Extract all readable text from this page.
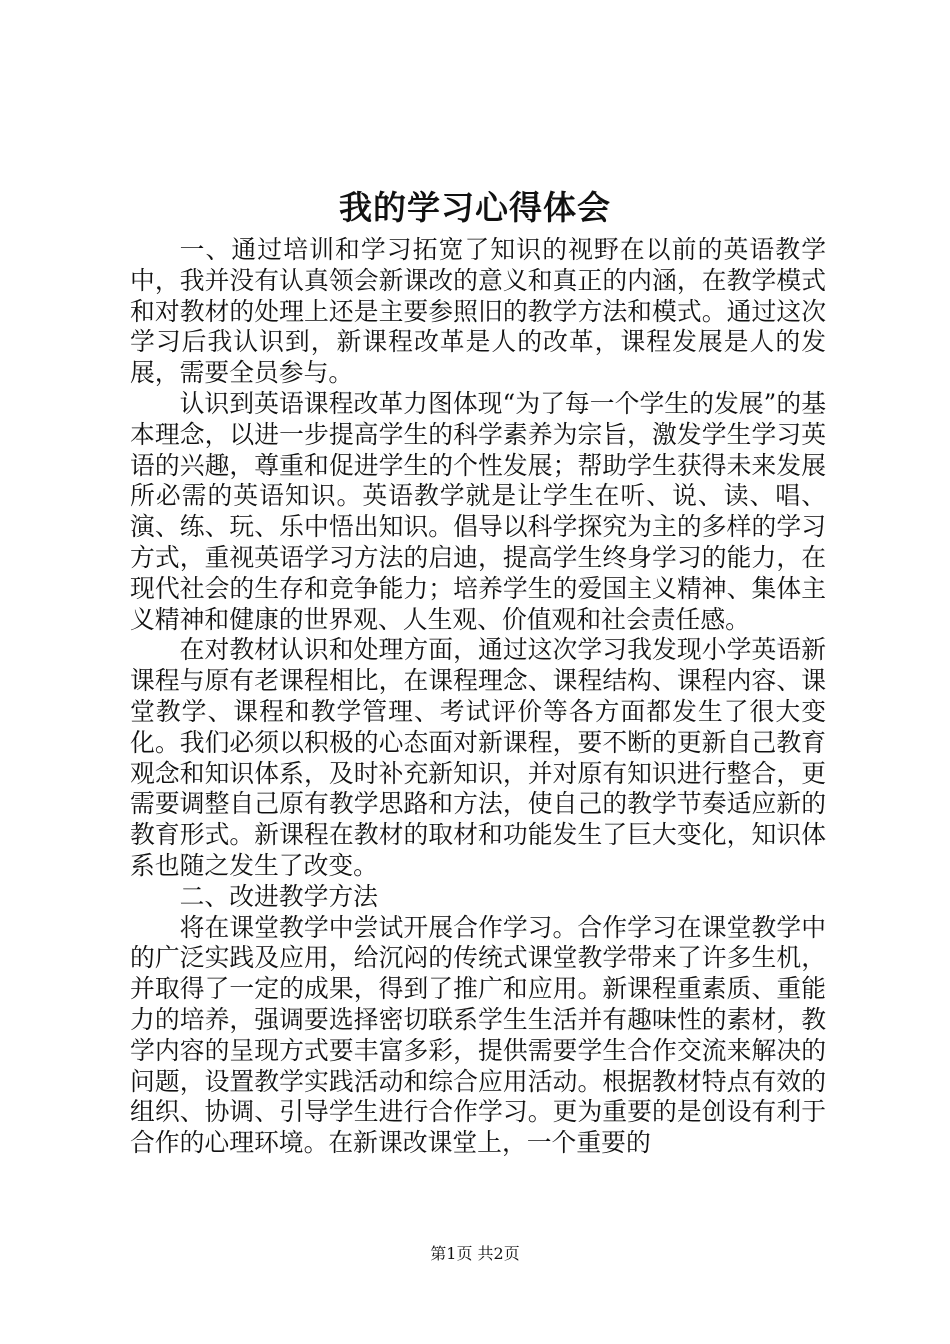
我的学习心得体会

一、通过培训和学习拓宽了知识的视野在以前的英语教学中，我并没有认真领会新课改的意义和真正的内涵，在教学模式和对教材的处理上还是主要参照旧的教学方法和模式。通过这次学习后我认识到，新课程改革是人的改革，课程发展是人的发展，需要全员参与。

认识到英语课程改革力图体现“为了每一个学生的发展”的基本理念，以进一步提高学生的科学素养为宗旨，激发学生学习英语的兴趣，尊重和促进学生的个性发展；帮助学生获得未来发展所必需的英语知识。英语教学就是让学生在听、说、读、唱、演、练、玩、乐中悟出知识。倡导以科学探究为主的多样的学习方式，重视英语学习方法的启迪，提高学生终身学习的能力，在现代社会的生存和竞争能力；培养学生的爱国主义精神、集体主义精神和健康的世界观、人生观、价值观和社会责任感。

在对教材认识和处理方面，通过这次学习我发现小学英语新课程与原有老课程相比，在课程理念、课程结构、课程内容、课堂教学、课程和教学管理、考试评价等各方面都发生了很大变化。我们必须以积极的心态面对新课程，要不断的更新自己教育观念和知识体系，及时补充新知识，并对原有知识进行整合，更需要调整自己原有教学思路和方法，使自己的教学节奏适应新的教育形式。新课程在教材的取材和功能发生了巨大变化，知识体系也随之发生了改变。

二、改进教学方法

将在课堂教学中尝试开展合作学习。合作学习在课堂教学中的广泛实践及应用，给沉闷的传统式课堂教学带来了许多生机，并取得了一定的成果，得到了推广和应用。新课程重素质、重能力的培养，强调要选择密切联系学生生活并有趣味性的素材，教学内容的呈现方式要丰富多彩，提供需要学生合作交流来解决的问题，设置教学实践活动和综合应用活动。根据教材特点有效的组织、协调、引导学生进行合作学习。更为重要的是创设有利于合作的心理环境。在新课改课堂上，一个重要的

第1页 共2页
